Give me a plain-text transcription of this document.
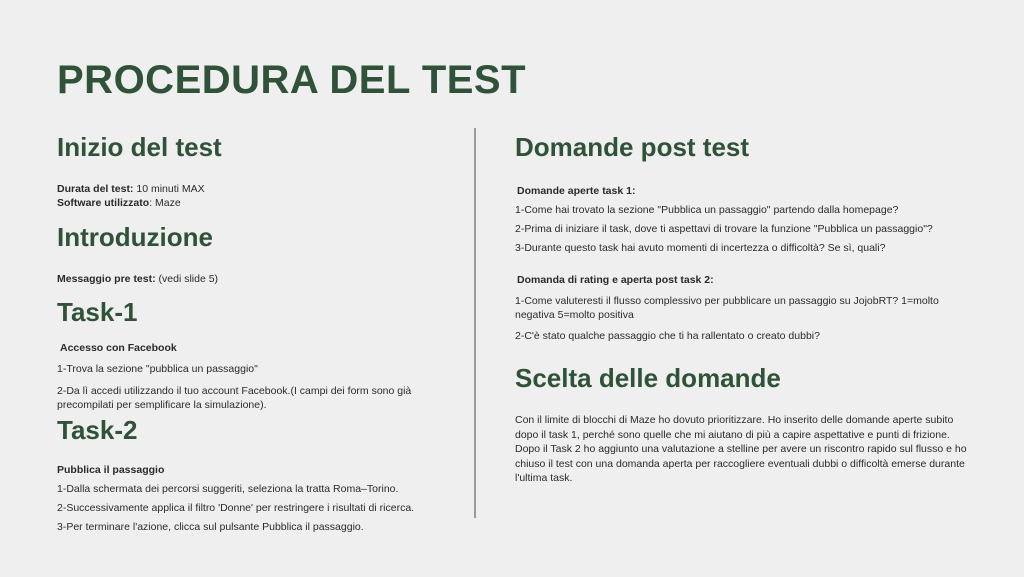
PROCEDURA DEL TEST
Inizio del test

Durata del test: 10 minuti MAX

Software utilizzato: Maze

Introduzione

Messaggio pre test: (vedi slide 5)

Task-1

Accesso con Facebook

1-Trova la sezione "pubblica un passaggio"

2-Da lì accedi utilizzando il tuo account Facebook.(I campi dei form sono già precompilati per semplificare la simulazione).

Task-2

Pubblica il passaggio

1-Dalla schermata dei percorsi suggeriti, seleziona la tratta Roma–Torino.

2-Successivamente applica il filtro 'Donne' per restringere i risultati di ricerca.

3-Per terminare l'azione, clicca sul pulsante Pubblica il passaggio.

Domande post test

Domande aperte task 1:

1-Come hai trovato la sezione "Pubblica un passaggio" partendo dalla homepage?

2-Prima di iniziare il task, dove ti aspettavi di trovare la funzione "Pubblica un passaggio"?

3-Durante questo task hai avuto momenti di incertezza o difficoltà? Se sì, quali?

Domanda di rating e aperta post task 2:

1-Come valuteresti il flusso complessivo per pubblicare un passaggio su JojobRT? 1=molto negativa 5=molto positiva

2-C'è stato qualche passaggio che ti ha rallentato o creato dubbi?

Scelta delle domande

Con il limite di blocchi di Maze ho dovuto prioritizzare. Ho inserito delle domande aperte subito dopo il task 1, perché sono quelle che mi aiutano di più a capire aspettative e punti di frizione. Dopo il Task 2 ho aggiunto una valutazione a stelline per avere un riscontro rapido sul flusso e ho chiuso il test con una domanda aperta per raccogliere eventuali dubbi o difficoltà emerse durante l'ultima task.
